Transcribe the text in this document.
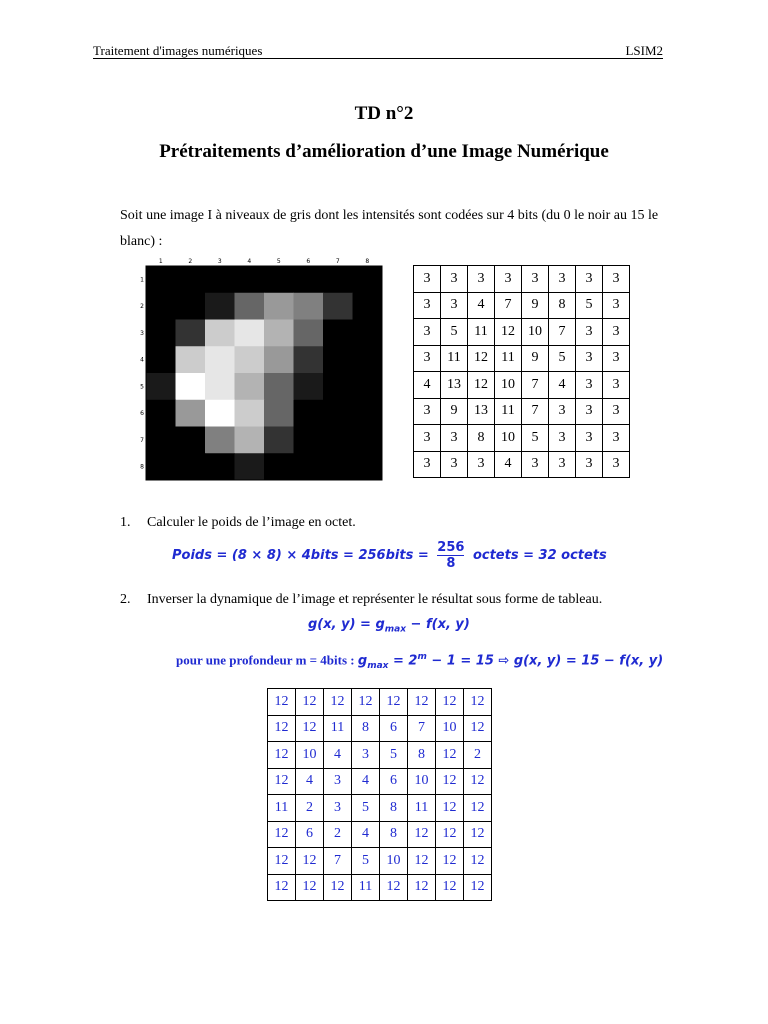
Traitement d'images numériques	LSIM2
TD n°2
Prétraitements d’amélioration d’une Image Numérique
Soit une image I à niveaux de gris dont les intensités sont codées sur 4 bits (du 0 le noir au 15 le blanc) :
1	2	3	4	5	6	7	8
1
2
3
4
5
6
7
8
3	3	3	3	3	3	3	3
3	3	4	7	9	8	5	3
3	5	11	12	10	7	3	3
3	11	12	11	9	5	3	3
4	13	12	10	7	4	3	3
3	9	13	11	7	3	3	3
3	3	8	10	5	3	3	3
3	3	3	4	3	3	3	3
1. Calculer le poids de l’image en octet.
Poids = (8 × 8) × 4bits = 256bits = $\frac{256}{8}$ octets = 32 octets
2. Inverser la dynamique de l’image et représenter le résultat sous forme de tableau.
g(x, $y) = g_{max} - f(x$, y)
pour une profondeur m = 4bits : $g_{max} = 2^m - 1 = 15$ ⇨ g(x, y) = 15 − f(x, y)
12	12	12	12	12	12	12	12
12	12	11	8	6	7	10	12
12	10	4	3	5	8	12	2
12	4	3	4	6	10	12	12
11	2	3	5	8	11	12	12
12	6	2	4	8	12	12	12
12	12	7	5	10	12	12	12
12	12	12	11	12	12	12	12
